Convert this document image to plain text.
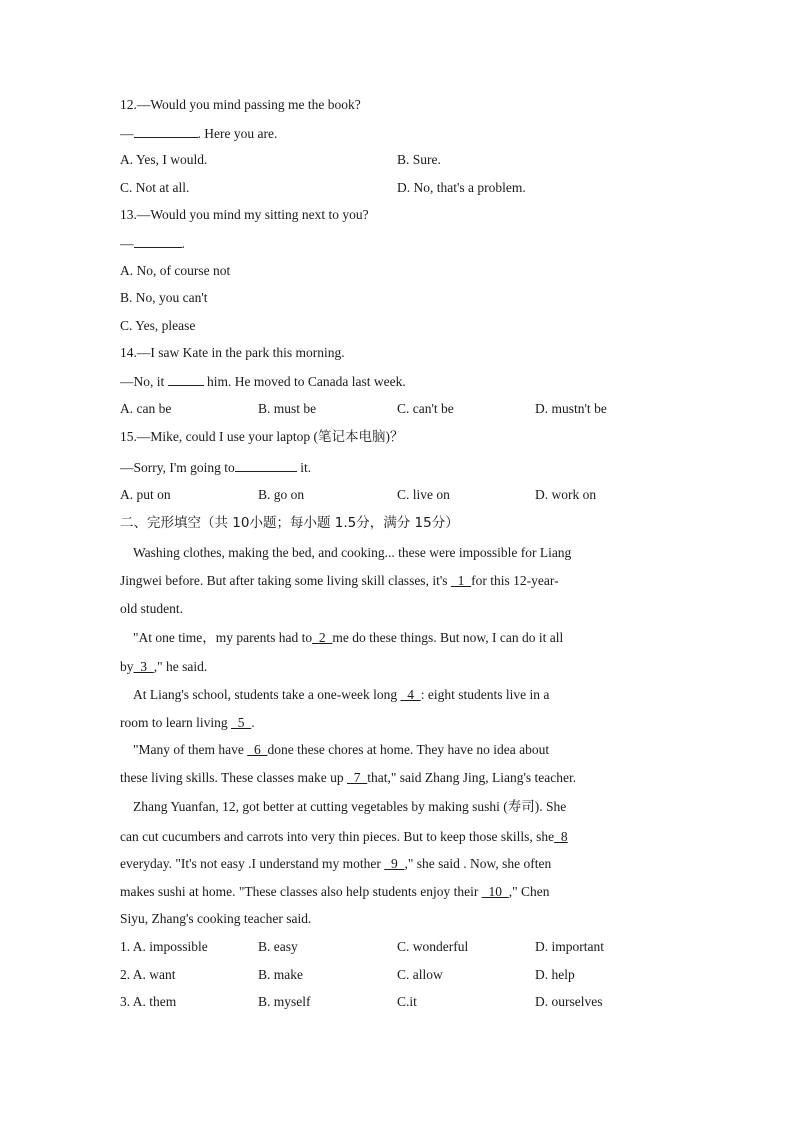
12.—Would you mind passing me the book?
—	. Here you are.
A. Yes, I would.	B. Sure.
C. Not at all.	D. No, that's a problem.
13.—Would you mind my sitting next to you?
—	.
A. No, of course not
B. No, you can't
C. Yes, please
14.—I saw Kate in the park this morning.
—No, it	him. He moved to Canada last week.
A. can be	B. must be	C. can't be	D. mustn't be
15.—Mike, could I use your laptop (笔记本电脑)？
—Sorry, I'm going to	it.
A. put on	B. go on	C. live on	D. work on
二、完形填空（共 10小题；每小题 1.5分，满分 15分）
Washing clothes, making the bed, and cooking... these were impossible for Liang
Jingwei before. But after taking some living skill classes, it's   1  for this 12-year-
old student.
"At one time，my parents had to  2  me do these things. But now, I can do it all
by  3  ," he said.
At Liang's school, students take a one-week long   4  : eight students live in a
room to learn living   5  .
"Many of them have   6  done these chores at home. They have no idea about
these living skills. These classes make up   7  that," said Zhang Jing, Liang's teacher.
Zhang Yuanfan, 12, got better at cutting vegetables by making sushi (寿司). She
can cut cucumbers and carrots into very thin pieces. But to keep those skills, she  8
everyday. "It's not easy .I understand my mother   9  ," she said . Now, she often
makes sushi at home. "These classes also help students enjoy their   10  ," Chen
Siyu, Zhang's cooking teacher said.
1. A. impossible	B. easy	C. wonderful	D. important
2. A. want	B. make	C. allow	D. help
3. A. them	B. myself	C.it	D. ourselves
